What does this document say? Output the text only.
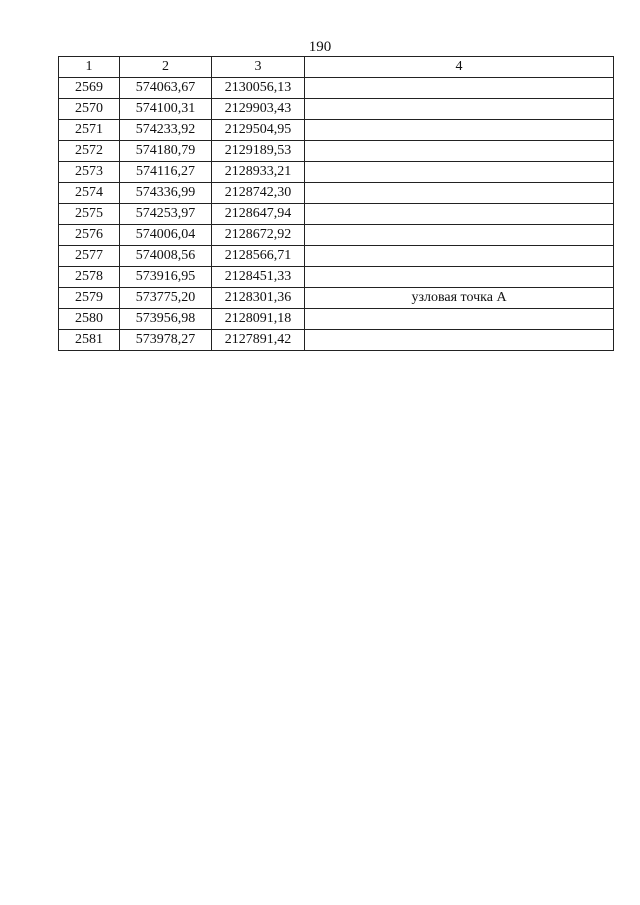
190
1	2	3	4
2569	574063,67	2130056,13	
2570	574100,31	2129903,43	
2571	574233,92	2129504,95	
2572	574180,79	2129189,53	
2573	574116,27	2128933,21	
2574	574336,99	2128742,30	
2575	574253,97	2128647,94	
2576	574006,04	2128672,92	
2577	574008,56	2128566,71	
2578	573916,95	2128451,33	
2579	573775,20	2128301,36	узловая точка А
2580	573956,98	2128091,18	
2581	573978,27	2127891,42	
